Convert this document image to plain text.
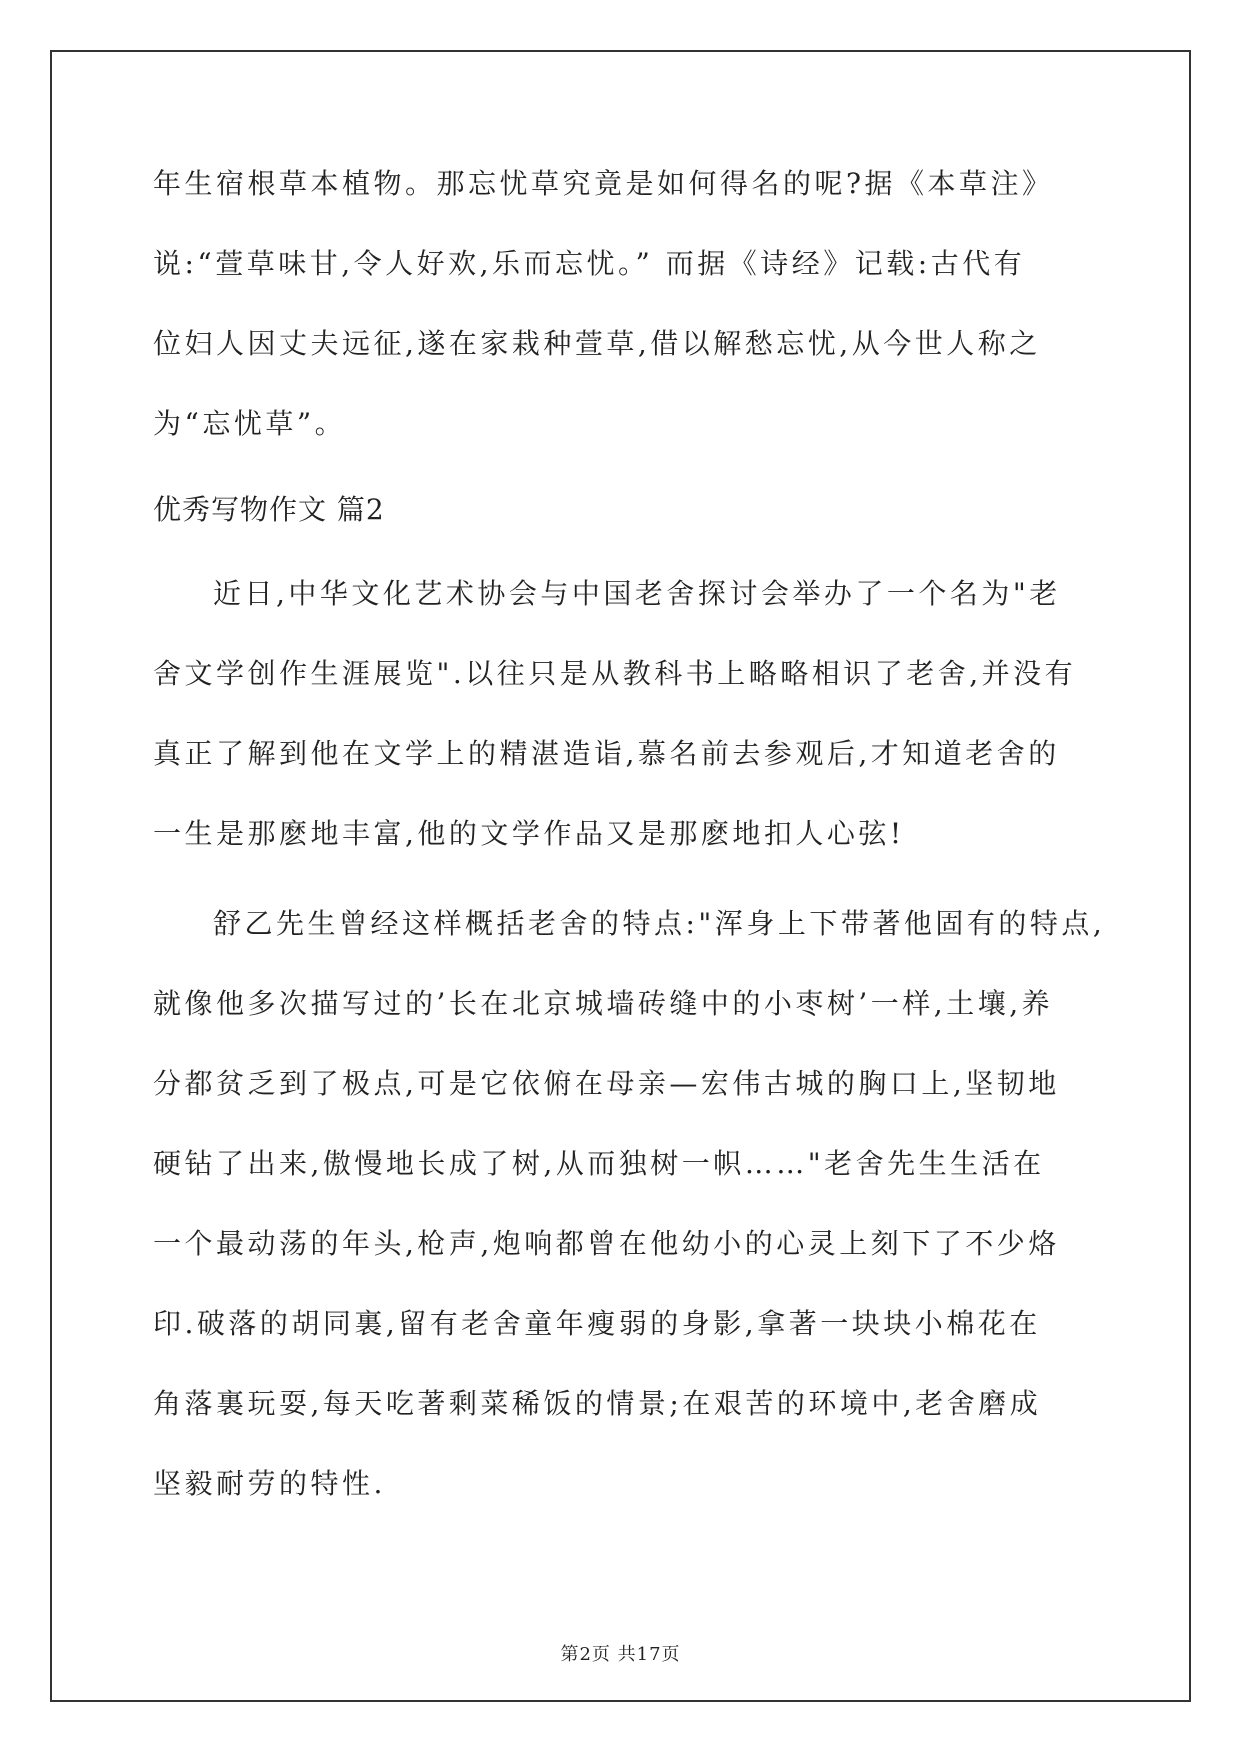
年生宿根草本植物。那忘忧草究竟是如何得名的呢?据《本草注》
说:“萱草味甘,令人好欢,乐而忘忧。” 而据《诗经》记载:古代有
位妇人因丈夫远征,遂在家栽种萱草,借以解愁忘忧,从今世人称之
为“忘忧草”。
优秀写物作文 篇2
近日,中华文化艺术协会与中国老舍探讨会举办了一个名为"老
舍文学创作生涯展览".以往只是从教科书上略略相识了老舍,并没有
真正了解到他在文学上的精湛造诣,慕名前去参观后,才知道老舍的
一生是那麽地丰富,他的文学作品又是那麽地扣人心弦!
舒乙先生曾经这样概括老舍的特点:"浑身上下带著他固有的特点,
就像他多次描写过的’长在北京城墙砖缝中的小枣树’一样,土壤,养
分都贫乏到了极点,可是它依俯在母亲—宏伟古城的胸口上,坚韧地
硬钻了出来,傲慢地长成了树,从而独树一帜……"老舍先生生活在
一个最动荡的年头,枪声,炮响都曾在他幼小的心灵上刻下了不少烙
印.破落的胡同裏,留有老舍童年瘦弱的身影,拿著一块块小棉花在
角落裏玩耍,每天吃著剩菜稀饭的情景;在艰苦的环境中,老舍磨成
坚毅耐劳的特性.
第2页 共17页
